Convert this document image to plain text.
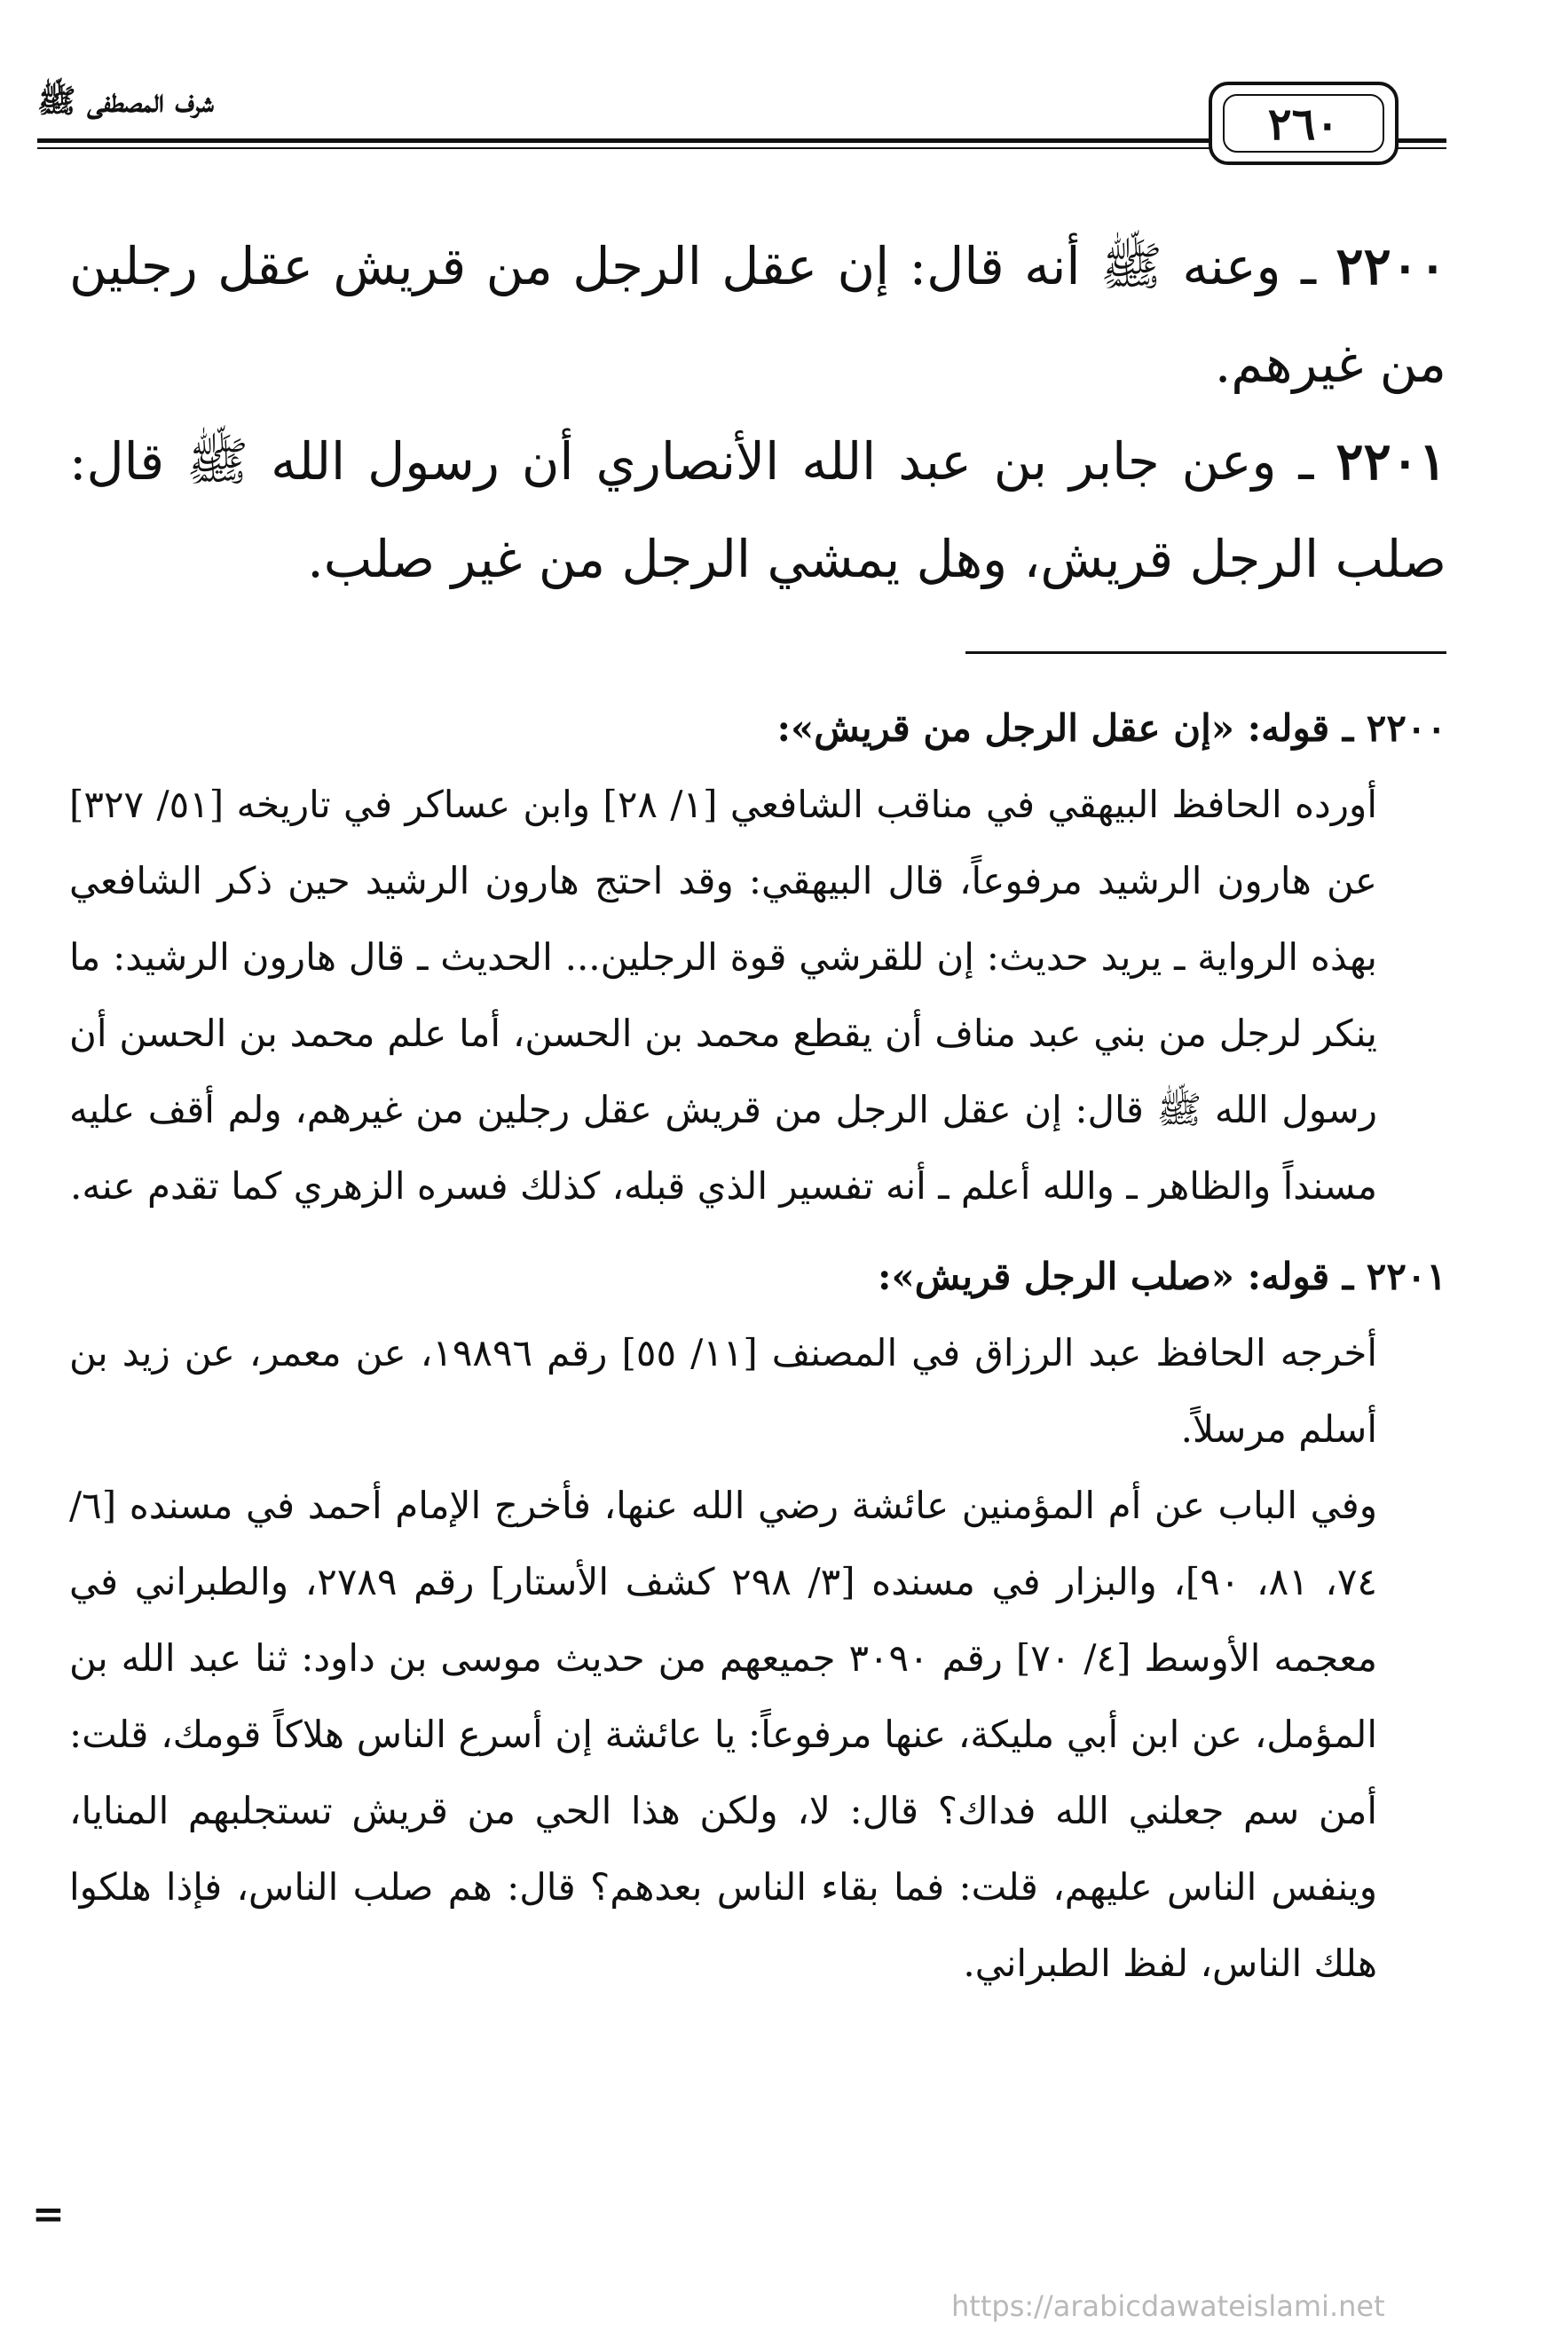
شرف المصطفى ﷺ	٢٦٠

٢٢٠٠ ـ وعنه ﷺ أنه قال: إن عقل الرجل من قريش عقل رجلين من غيرهم.

٢٢٠١ ـ وعن جابر بن عبد الله الأنصاري أن رسول الله ﷺ قال: صلب الرجل قريش، وهل يمشي الرجل من غير صلب.

٢٢٠٠ ـ قوله: «إن عقل الرجل من قريش»:
أورده الحافظ البيهقي في مناقب الشافعي [١/ ٢٨] وابن عساكر في تاريخه [٥١/ ٣٢٧] عن هارون الرشيد مرفوعاً، قال البيهقي: وقد احتج هارون الرشيد حين ذكر الشافعي بهذه الرواية ـ يريد حديث: إن للقرشي قوة الرجلين... الحديث ـ قال هارون الرشيد: ما ينكر لرجل من بني عبد مناف أن يقطع محمد بن الحسن، أما علم محمد بن الحسن أن رسول الله ﷺ قال: إن عقل الرجل من قريش عقل رجلين من غيرهم، ولم أقف عليه مسنداً والظاهر ـ والله أعلم ـ أنه تفسير الذي قبله، كذلك فسره الزهري كما تقدم عنه.
٢٢٠١ ـ قوله: «صلب الرجل قريش»:
أخرجه الحافظ عبد الرزاق في المصنف [١١/ ٥٥] رقم ١٩٨٩٦، عن معمر، عن زيد بن أسلم مرسلاً.
وفي الباب عن أم المؤمنين عائشة رضي الله عنها، فأخرج الإمام أحمد في مسنده [٦/ ٧٤، ٨١، ٩٠]، والبزار في مسنده [٣/ ٢٩٨ كشف الأستار] رقم ٢٧٨٩، والطبراني في معجمه الأوسط [٤/ ٧٠] رقم ٣٠٩٠ جميعهم من حديث موسى بن داود: ثنا عبد الله بن المؤمل، عن ابن أبي مليكة، عنها مرفوعاً: يا عائشة إن أسرع الناس هلاكاً قومك، قلت: أمن سم جعلني الله فداك؟ قال: لا، ولكن هذا الحي من قريش تستجلبهم المنايا، وينفس الناس عليهم، قلت: فما بقاء الناس بعدهم؟ قال: هم صلب الناس، فإذا هلكوا هلك الناس، لفظ الطبراني.
=
https://arabicdawateislami.net
